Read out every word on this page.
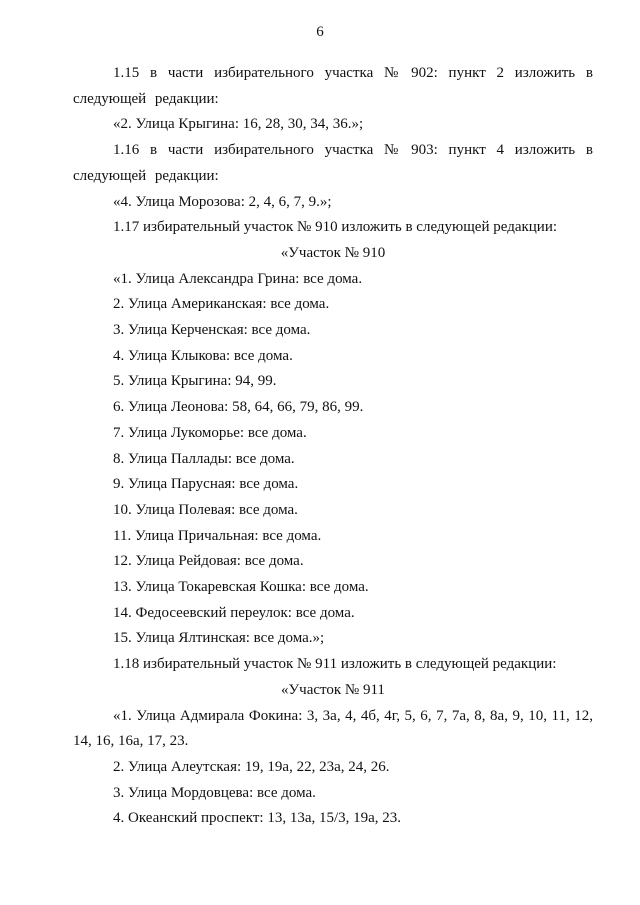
6

1.15 в части избирательного участка № 902: пункт 2 изложить в следующей редакции:

«2. Улица Крыгина: 16, 28, 30, 34, 36.»;

1.16 в части избирательного участка № 903: пункт 4 изложить в следующей редакции:

«4. Улица Морозова: 2, 4, 6, 7, 9.»;

1.17 избирательный участок № 910 изложить в следующей редакции:

«Участок № 910

«1. Улица Александра Грина: все дома.

2. Улица Американская: все дома.

3. Улица Керченская: все дома.

4. Улица Клыкова: все дома.

5. Улица Крыгина: 94, 99.

6. Улица Леонова: 58, 64, 66, 79, 86, 99.

7. Улица Лукоморье: все дома.

8. Улица Паллады: все дома.

9. Улица Парусная: все дома.

10. Улица Полевая: все дома.

11. Улица Причальная: все дома.

12. Улица Рейдовая: все дома.

13. Улица Токаревская Кошка: все дома.

14. Федосеевский переулок: все дома.

15. Улица Ялтинская: все дома.»;

1.18 избирательный участок № 911 изложить в следующей редакции:

«Участок № 911

«1. Улица Адмирала Фокина: 3, 3а, 4, 4б, 4г, 5, 6, 7, 7а, 8, 8а, 9, 10, 11, 12, 14, 16, 16а, 17, 23.

2. Улица Алеутская: 19, 19а, 22, 23а, 24, 26.

3. Улица Мордовцева: все дома.

4. Океанский проспект: 13, 13а, 15/3, 19а, 23.
